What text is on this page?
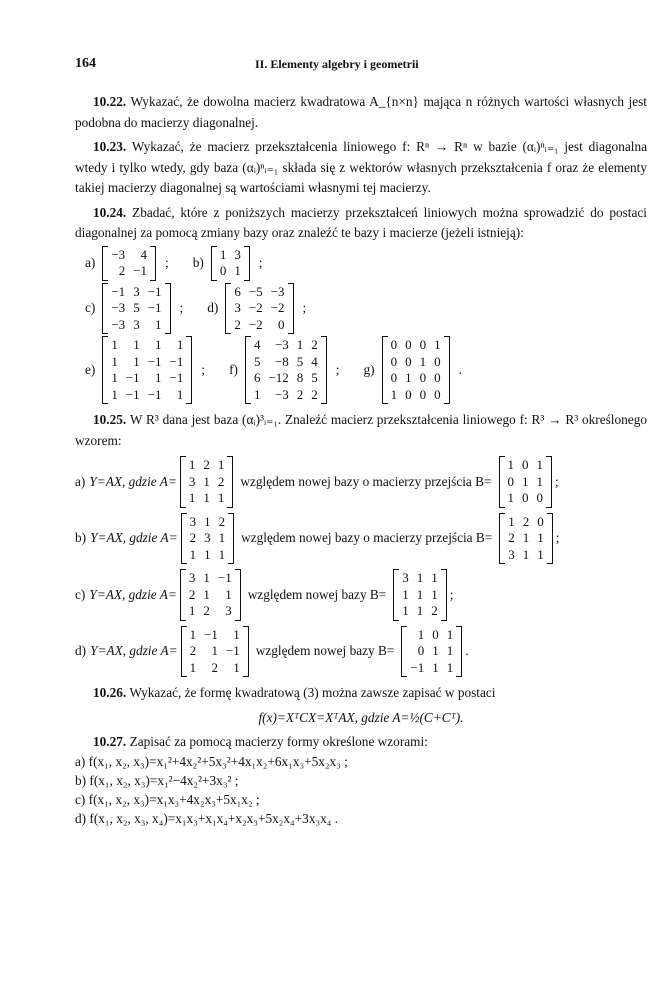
164	II. Elementy algebry i geometrii

10.22. Wykazać, że dowolna macierz kwadratowa A_{n×n} mająca n różnych wartości własnych jest podobna do macierzy diagonalnej.

10.23. Wykazać, że macierz przekształcenia liniowego f: Rⁿ → Rⁿ w bazie (αᵢ)ⁿᵢ₌₁ jest diagonalna wtedy i tylko wtedy, gdy baza (αᵢ)ⁿᵢ₌₁ składa się z wektorów własnych przekształcenia f oraz że elementy takiej macierzy diagonalnej są wartościami własnymi tej macierzy.

10.24. Zbadać, które z poniższych macierzy przekształceń liniowych można sprowadzić do postaci diagonalnej za pomocą zmiany bazy oraz znaleźć te bazy i macierze (jeżeli istnieją):

a)
−3	4
2 −1
; b)
1 3
0 1
;
c)
−1 3 −1
−3 5 −1
−3 3	1
; d)
6 −5 −3
3 −2 −2
2 −2	0
;
e)
1	1	1	1
1	1 −1 −1
1 −1	1 −1
1 −1 −1	1
; f)
4	−3 1 2
5	−8 5 4
6 −12 8 5
1	−3 2 2
; g)
0 0 0 1
0 0 1 0
0 1 0 0
1 0 0 0
.

10.25. W R³ dana jest baza (αᵢ)³ᵢ₌₁. Znaleźć macierz przekształcenia liniowego f: R³ → R³ określonego wzorem:

a) Y=AX, gdzie A=
1 2 1
3 1 2
1 1 1
względem nowej bazy o macierzy przejścia B=
1 0 1
0 1 1
1 0 0
;
b) Y=AX, gdzie A=
3 1 2
2 3 1
1 1 1
względem nowej bazy o macierzy przejścia B=
1 2 0
2 1 1
3 1 1
;
c) Y=AX, gdzie A=
3 1 −1
2 1	1
1 2	3
względem nowej bazy B=
3 1 1
1 1 1
1 1 2
;
d) Y=AX, gdzie A=
1 −1	1
2	1 −1
1	2	1
względem nowej bazy B=
1 0 1
0 1 1
−1 1 1
.

10.26. Wykazać, że formę kwadratową (3) można zawsze zapisać w postaci

f(x)=XᵀCX=XᵀAX, gdzie A=½(C+Cᵀ).

10.27. Zapisać za pomocą macierzy formy określone wzorami:

a) f(x₁, x₂, x₃)=x₁²+4x₂²+5x₃²+4x₁x₂+6x₁x₃+5x₂x₃ ;
b) f(x₁, x₂, x₃)=x₁²−4x₂²+3x₃² ;
c) f(x₁, x₂, x₃)=x₁x₃+4x₂x₃+5x₁x₂ ;
d) f(x₁, x₂, x₃, x₄)=x₁x₃+x₁x₄+x₂x₃+5x₂x₄+3x₃x₄ .
